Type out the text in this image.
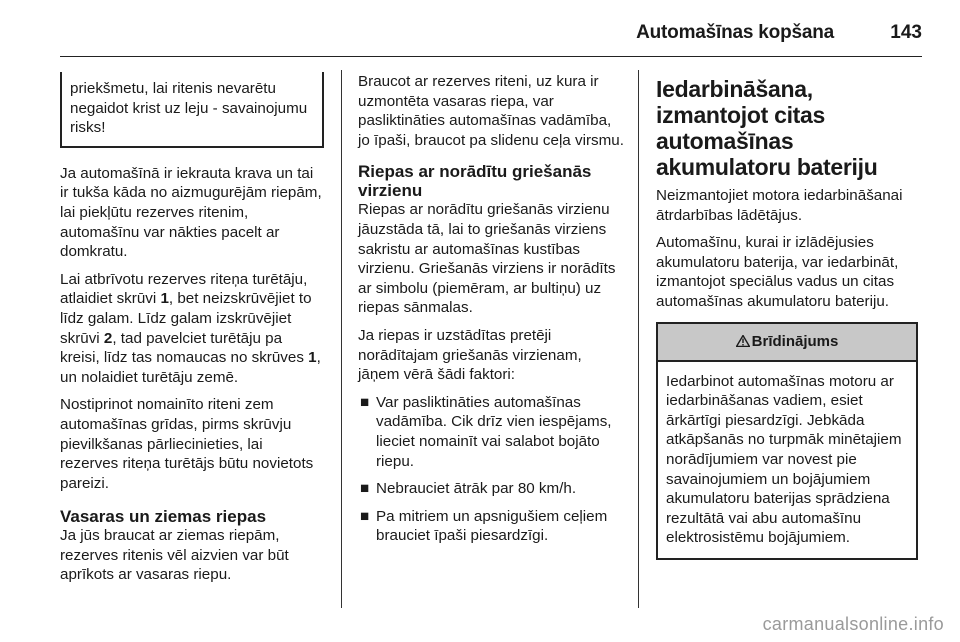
Automašīnas kopšana	143

priekšmetu, lai ritenis nevarētu negaidot krist uz leju - savainojumu risks!

Ja automašīnā ir iekrauta krava un tai ir tukša kāda no aizmugurējām riepām, lai piekļūtu rezerves ritenim, automašīnu var nākties pacelt ar domkratu.

Lai atbrīvotu rezerves riteņa turētāju, atlaidiet skrūvi 1, bet neizskrūvējiet to līdz galam. Līdz galam izskrūvējiet skrūvi 2, tad pavelciet turētāju pa kreisi, līdz tas nomaucas no skrūves 1, un nolaidiet turētāju zemē.

Nostiprinot nomainīto riteni zem automašīnas grīdas, pirms skrūvju pievilkšanas pārliecinieties, lai rezerves riteņa turētājs būtu novietots pareizi.

Vasaras un ziemas riepas

Ja jūs braucat ar ziemas riepām, rezerves ritenis vēl aizvien var būt aprīkots ar vasaras riepu.

Braucot ar rezerves riteni, uz kura ir uzmontēta vasaras riepa, var pasliktināties automašīnas vadāmība, jo īpaši, braucot pa slidenu ceļa virsmu.

Riepas ar norādītu griešanās virzienu

Riepas ar norādītu griešanās virzienu jāuzstāda tā, lai to griešanās virziens sakristu ar automašīnas kustības virzienu. Griešanās virziens ir norādīts ar simbolu (piemēram, ar bultiņu) uz riepas sānmalas.

Ja riepas ir uzstādītas pretēji norādītajam griešanās virzienam, jāņem vērā šādi faktori:

■ Var pasliktināties automašīnas vadāmība. Cik drīz vien iespējams, lieciet nomainīt vai salabot bojāto riepu.
■ Nebrauciet ātrāk par 80 km/h.
■ Pa mitriem un apsnigušiem ceļiem brauciet īpaši piesardzīgi.
Iedarbināšana, izmantojot citas automašīnas akumulatoru bateriju

Neizmantojiet motora iedarbināšanai ātrdarbības lādētājus.

Automašīnu, kurai ir izlādējusies akumulatoru baterija, var iedarbināt, izmantojot speciālus vadus un citas automašīnas akumulatoru bateriju.

Brīdinājums
Iedarbinot automašīnas motoru ar iedarbināšanas vadiem, esiet ārkārtīgi piesardzīgi. Jebkāda atkāpšanās no turpmāk minētajiem norādījumiem var novest pie savainojumiem un bojājumiem akumulatoru baterijas sprādziena rezultātā vai abu automašīnu elektrosistēmu bojājumiem.
carmanualsonline.info
